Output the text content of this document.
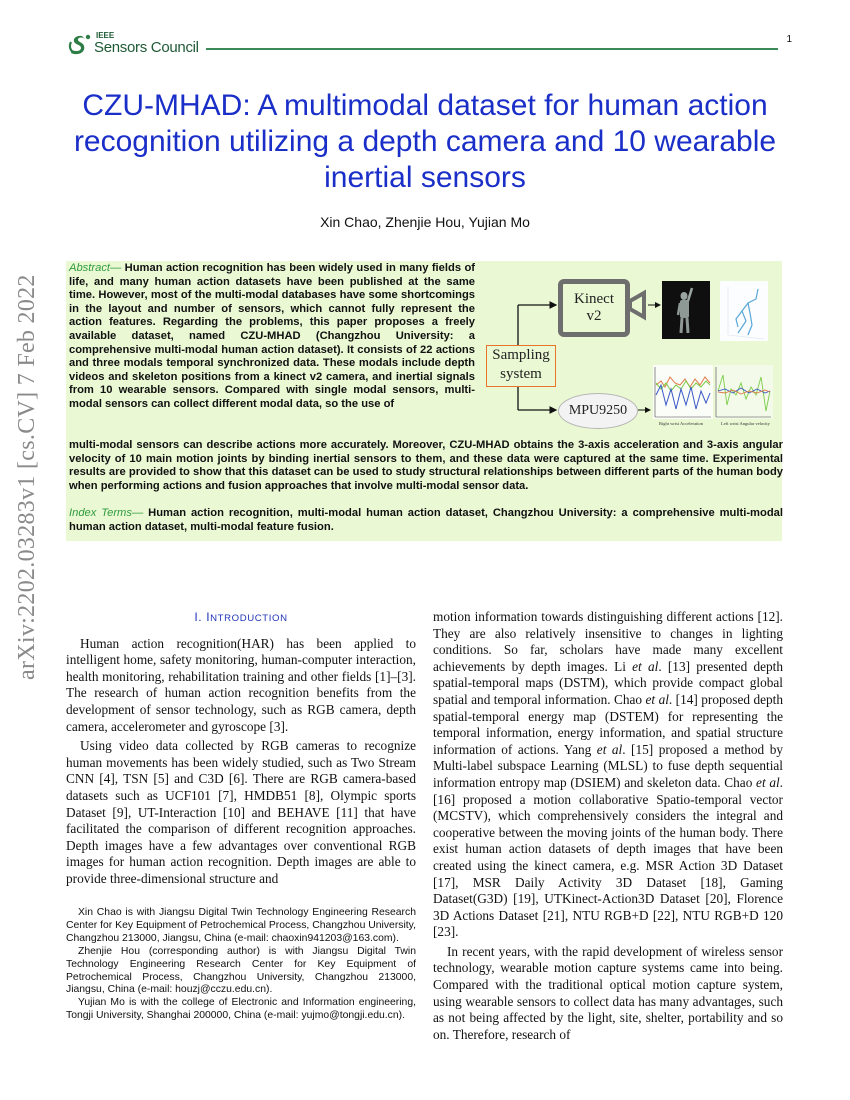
IEEE
Sensors Council	1
CZU-MHAD: A multimodal dataset for human action recognition utilizing a depth camera and 10 wearable inertial sensors
Xin Chao, Zhenjie Hou, Yujian Mo
arXiv:2202.03283v1 [cs.CV] 7 Feb 2022
Abstract— Human action recognition has been widely used in many fields of life, and many human action datasets have been published at the same time. However, most of the multi-modal databases have some shortcomings in the layout and number of sensors, which cannot fully represent the action features. Regarding the problems, this paper proposes a freely available dataset, named CZU-MHAD (Changzhou University: a comprehensive multi-modal human action dataset). It consists of 22 actions and three modals temporal synchronized data. These modals include depth videos and skeleton positions from a kinect v2 camera, and inertial signals from 10 wearable sensors. Compared with single modal sensors, multi-modal sensors can collect different modal data, so the use of
Kinect
v2
Sampling
system
MPU9250
Right wrist Acceleration	Left wrist Angular velocity
multi-modal sensors can describe actions more accurately. Moreover, CZU-MHAD obtains the 3-axis acceleration and 3-axis angular velocity of 10 main motion joints by binding inertial sensors to them, and these data were captured at the same time. Experimental results are provided to show that this dataset can be used to study structural relationships between different parts of the human body when performing actions and fusion approaches that involve multi-modal sensor data.
Index Terms— Human action recognition, multi-modal human action dataset, Changzhou University: a comprehensive multi-modal human action dataset, multi-modal feature fusion.
I. INTRODUCTION

Human action recognition(HAR) has been applied to intelligent home, safety monitoring, human-computer interaction, health monitoring, rehabilitation training and other fields [1]–[3]. The research of human action recognition benefits from the development of sensor technology, such as RGB camera, depth camera, accelerometer and gyroscope [3].

Using video data collected by RGB cameras to recognize human movements has been widely studied, such as Two Stream CNN [4], TSN [5] and C3D [6]. There are RGB camera-based datasets such as UCF101 [7], HMDB51 [8], Olympic sports Dataset [9], UT-Interaction [10] and BEHAVE [11] that have facilitated the comparison of different recognition approaches. Depth images have a few advantages over conventional RGB images for human action recognition. Depth images are able to provide three-dimensional structure and

Xin Chao is with Jiangsu Digital Twin Technology Engineering Research Center for Key Equipment of Petrochemical Process, Changzhou University, Changzhou 213000, Jiangsu, China (e-mail: chaoxin941203@163.com).

Zhenjie Hou (corresponding author) is with Jiangsu Digital Twin Technology Engineering Research Center for Key Equipment of Petrochemical Process, Changzhou University, Changzhou 213000, Jiangsu, China (e-mail: houzj@cczu.edu.cn).

Yujian Mo is with the college of Electronic and Information engineering, Tongji University, Shanghai 200000, China (e-mail: yujmo@tongji.edu.cn).

motion information towards distinguishing different actions [12]. They are also relatively insensitive to changes in lighting conditions. So far, scholars have made many excellent achievements by depth images. Li et al. [13] presented depth spatial-temporal maps (DSTM), which provide compact global spatial and temporal information. Chao et al. [14] proposed depth spatial-temporal energy map (DSTEM) for representing the temporal information, energy information, and spatial structure information of actions. Yang et al. [15] proposed a method by Multi-label subspace Learning (MLSL) to fuse depth sequential information entropy map (DSIEM) and skeleton data. Chao et al. [16] proposed a motion collaborative Spatio-temporal vector (MCSTV), which comprehensively considers the integral and cooperative between the moving joints of the human body. There exist human action datasets of depth images that have been created using the kinect camera, e.g. MSR Action 3D Dataset [17], MSR Daily Activity 3D Dataset [18], Gaming Dataset(G3D) [19], UTKinect-Action3D Dataset [20], Florence 3D Actions Dataset [21], NTU RGB+D [22], NTU RGB+D 120 [23].

In recent years, with the rapid development of wireless sensor technology, wearable motion capture systems came into being. Compared with the traditional optical motion capture system, using wearable sensors to collect data has many advantages, such as not being affected by the light, site, shelter, portability and so on. Therefore, research of
